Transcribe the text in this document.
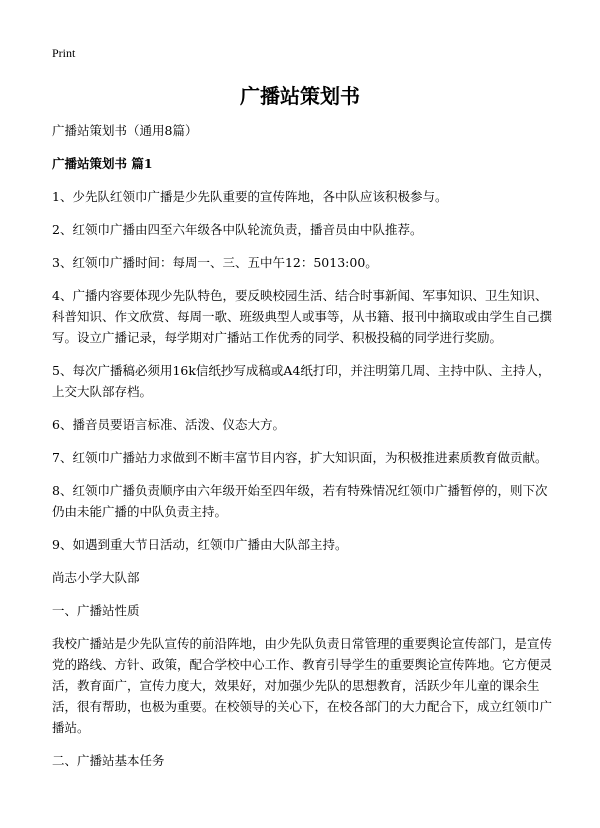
Print
广播站策划书
广播站策划书（通用8篇）
广播站策划书 篇1
1、少先队红领巾广播是少先队重要的宣传阵地，各中队应该积极参与。
2、红领巾广播由四至六年级各中队轮流负责，播音员由中队推荐。
3、红领巾广播时间：每周一、三、五中午12：5013:00。
4、广播内容要体现少先队特色，要反映校园生活、结合时事新闻、军事知识、卫生知识、科普知识、作文欣赏、每周一歌、班级典型人或事等，从书籍、报刊中摘取或由学生自己撰写。设立广播记录，每学期对广播站工作优秀的同学、积极投稿的同学进行奖励。
5、每次广播稿必须用16k信纸抄写成稿或A4纸打印，并注明第几周、主持中队、主持人，上交大队部存档。
6、播音员要语言标准、活泼、仪态大方。
7、红领巾广播站力求做到不断丰富节目内容，扩大知识面，为积极推进素质教育做贡献。
8、红领巾广播负责顺序由六年级开始至四年级，若有特殊情况红领巾广播暂停的，则下次仍由未能广播的中队负责主持。
9、如遇到重大节日活动，红领巾广播由大队部主持。
尚志小学大队部
一、广播站性质
我校广播站是少先队宣传的前沿阵地，由少先队负责日常管理的重要舆论宣传部门，是宣传党的路线、方针、政策，配合学校中心工作、教育引导学生的重要舆论宣传阵地。它方便灵活，教育面广，宣传力度大，效果好，对加强少先队的思想教育，活跃少年儿童的课余生活，很有帮助，也极为重要。在校领导的关心下，在校各部门的大力配合下，成立红领巾广播站。
二、广播站基本任务
